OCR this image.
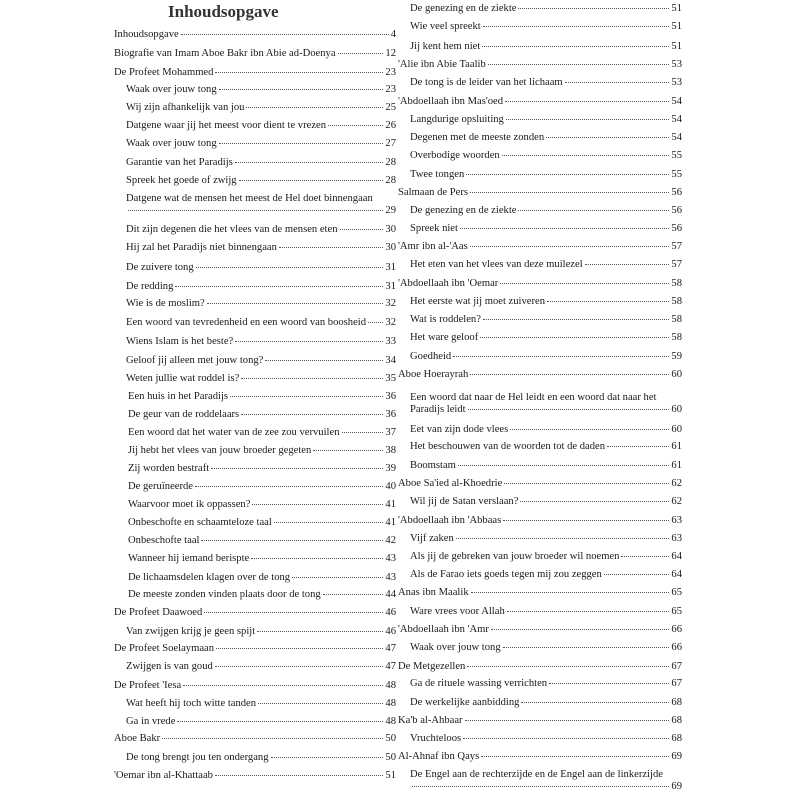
Inhoudsopgave
Inhoudsopgave	4
Biografie van Imam Aboe Bakr ibn Abie ad-Doenya	12
De Profeet Mohammed	23
Waak over jouw tong	23
Wij zijn afhankelijk van jou	25
Datgene waar jij het meest voor dient te vrezen	26
Waak over jouw tong	27
Garantie van het Paradijs	28
Spreek het goede of zwijg	28
Datgene wat de mensen het meest de Hel doet binnengaan
29
Dit zijn degenen die het vlees van de mensen eten	30
Hij zal het Paradijs niet binnengaan	30
De zuivere tong	31
De redding	31
Wie is de moslim?	32
Een woord van tevredenheid en een woord van boosheid 32
Wiens Islam is het beste?	33
Geloof jij alleen met jouw tong?	34
Weten jullie wat roddel is?	35
Een huis in het Paradijs	36
De geur van de roddelaars	36
Een woord dat het water van de zee zou vervuilen	37
Jij hebt het vlees van jouw broeder gegeten	38
Zij worden bestraft	39
De geruïneerde	40
Waarvoor moet ik oppassen?	41
Onbeschofte en schaamteloze taal	41
Onbeschofte taal	42
Wanneer hij iemand berispte	43
De lichaamsdelen klagen over de tong	43
De meeste zonden vinden plaats door de tong	44
De Profeet Daawoed	46
Van zwijgen krijg je geen spijt	46
De Profeet Soelaymaan	47
Zwijgen is van goud	47
De Profeet 'Iesa	48
Wat heeft hij toch witte tanden	48
Ga in vrede	48
Aboe Bakr	50
De tong brengt jou ten ondergang	50
'Oemar ibn al-Khattaab	51
De genezing en de ziekte	51
Wie veel spreekt	51
Jij kent hem niet	51
'Alie ibn Abie Taalib	53
De tong is de leider van het lichaam	53
'Abdoellaah ibn Mas'oed	54
Langdurige opsluiting	54
Degenen met de meeste zonden	54
Overbodige woorden	55
Twee tongen	55
Salmaan de Pers	56
De genezing en de ziekte	56
Spreek niet	56
'Amr ibn al-'Aas	57
Het eten van het vlees van deze muilezel	57
'Abdoellaah ibn 'Oemar	58
Het eerste wat jij moet zuiveren	58
Wat is roddelen?	58
Het ware geloof	58
Goedheid	59
Aboe Hoerayrah	60
Een woord dat naar de Hel leidt en een woord dat naar het
Paradijs leidt	60
Eet van zijn dode vlees	60
Het beschouwen van de woorden tot de daden	61
Boomstam	61
Aboe Sa'ied al-Khoedrie	62
Wil jij de Satan verslaan?	62
'Abdoellaah ibn 'Abbaas	63
Vijf zaken	63
Als jij de gebreken van jouw broeder wil noemen	64
Als de Farao iets goeds tegen mij zou zeggen	64
Anas ibn Maalik	65
Ware vrees voor Allah	65
'Abdoellaah ibn 'Amr	66
Waak over jouw tong	66
De Metgezellen	67
Ga de rituele wassing verrichten	67
De werkelijke aanbidding	68
Ka'b al-Ahbaar	68
Vruchteloos	68
Al-Ahnaf ibn Qays	69
De Engel aan de rechterzijde en de Engel aan de linkerzijde
69
